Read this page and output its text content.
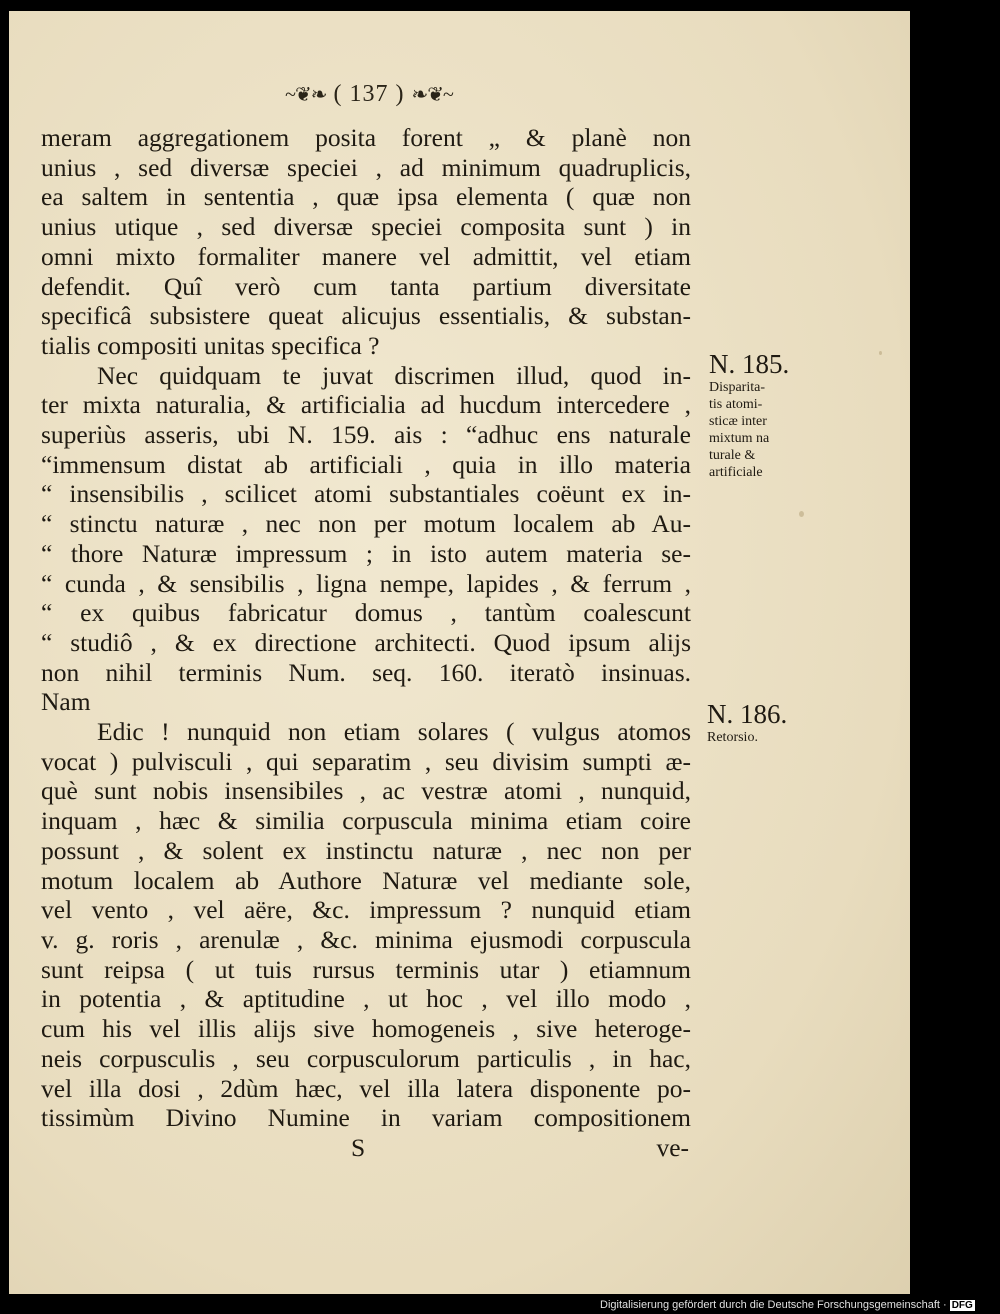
~❦❧ ( 137 ) ❧❦~
meram aggregationem posita forent „ & planè non
unius , sed diversæ speciei , ad minimum quadruplicis,
ea saltem in sententia , quæ ipsa elementa ( quæ non
unius utique , sed diversæ speciei composita sunt ) in
omni mixto formaliter manere vel admittit, vel etiam
defendit. Quî verò cum tanta partium diversitate
specificâ subsistere queat alicujus essentialis, & substan-
tialis compositi unitas specifica ?
Nec quidquam te juvat discrimen illud, quod in-
ter mixta naturalia, & artificialia ad hucdum intercedere ,
superiùs asseris, ubi N. 159. ais : “adhuc ens naturale
“immensum distat ab artificiali , quia in illo materia
“ insensibilis , scilicet atomi substantiales coëunt ex in-
“ stinctu naturæ , nec non per motum localem ab Au-
“ thore Naturæ impressum ; in isto autem materia se-
“ cunda , & sensibilis , ligna nempe, lapides , & ferrum ,
“ ex quibus fabricatur domus , tantùm coalescunt
“ studiô , & ex directione architecti. Quod ipsum alijs
non nihil terminis Num. seq. 160. iteratò insinuas.
Nam
Edic ! nunquid non etiam solares ( vulgus atomos
vocat ) pulvisculi , qui separatim , seu divisim sumpti æ-
què sunt nobis insensibiles , ac vestræ atomi , nunquid,
inquam , hæc & similia corpuscula minima etiam coire
possunt , & solent ex instinctu naturæ , nec non per
motum localem ab Authore Naturæ vel mediante sole,
vel vento , vel aëre, &c. impressum ? nunquid etiam
v. g. roris , arenulæ , &c. minima ejusmodi corpuscula
sunt reipsa ( ut tuis rursus terminis utar ) etiamnum
in potentia , & aptitudine , ut hoc , vel illo modo ,
cum his vel illis alijs sive homogeneis , sive heteroge-
neis corpusculis , seu corpusculorum particulis , in hac,
vel illa dosi , 2dùm hæc, vel illa latera disponente po-
tissimùm Divino Numine in variam compositionem
S	ve-
N. 185.
Disparita-
tis atomi-
sticæ inter
mixtum na
turale &
artificiale
N. 186.
Retorsio.
Digitalisierung gefördert durch die Deutsche Forschungsgemeinschaft · DFG
